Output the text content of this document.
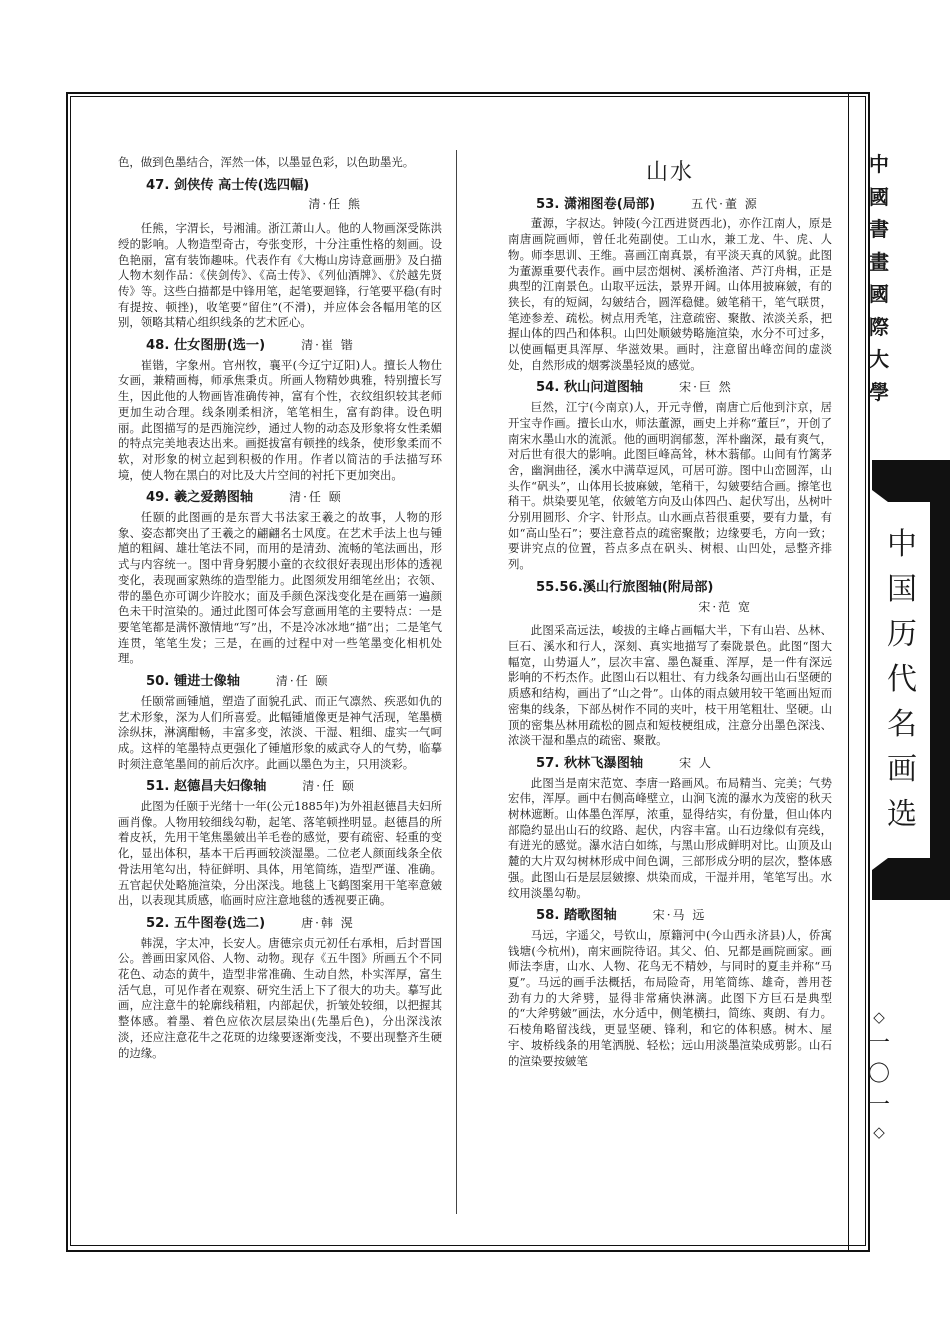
中國書畫國際大學
中国历代名画选
◇
一〇一
◇

色，做到色墨结合，浑然一体，以墨显色彩，以色助墨光。

47. 剑侠传 高士传(选四幅)
清·任 熊

任熊，字渭长，号湘浦。浙江萧山人。他的人物画深受陈洪绶的影响。人物造型奇古，夸张变形，十分注重性格的刻画。设色艳丽，富有装饰趣味。代表作有《大梅山房诗意画册》及白描人物木刻作品：《侠剑传》、《高士传》、《列仙酒牌》、《於越先贤传》等。这些白描都是中锋用笔，起笔要迴锋，行笔要平稳(有时有提按、顿挫)，收笔要“留住”(不滑)，并应体会各幅用笔的区别，领略其精心组织线条的艺术匠心。

48. 仕女图册(选一)	清·崔 锴

崔锴，字象州。官州牧，襄平(今辽宁辽阳)人。擅长人物仕女画，兼精画梅，师承焦秉贞。所画人物精妙典雅，特别擅长写生，因此他的人物画皆准确传神，富有个性，衣纹组织较其老师更加生动合理。线条刚柔相济，笔笔相生，富有韵律。设色明丽。此图描写的是西施浣纱，通过人物的动态及形象将女性柔媚的特点完美地表达出来。画挺拔富有顿挫的线条，使形象柔而不软，对形象的树立起到积极的作用。作者以简洁的手法描写环境，使人物在黑白的对比及大片空间的衬托下更加突出。

49. 羲之爱鹅图轴	清·任 颐

任颐的此图画的是东晋大书法家王羲之的故事，人物的形象、姿态都突出了王羲之的翩翩名士风度。在艺术手法上也与锺馗的粗阔、雄壮笔法不同，而用的是清劲、流畅的笔法画出，形式与内容统一。图中背身躬腰小童的衣纹很好表现出形体的透视变化，表现画家熟练的造型能力。此图须发用细笔丝出；衣领、带的墨色亦可调少许胶水；面及手颜色深浅变化是在画第一遍颜色未干时渲染的。通过此图可体会写意画用笔的主要特点：一是要笔笔都是满怀激情地“写”出，不是冷冰冰地“描”出；二是笔气连贯，笔笔生发；三是，在画的过程中对一些笔墨变化相机处理。

50. 锺进士像轴	清·任 颐

任颐常画锺馗，塑造了面貌孔武、而正气凛然、疾恶如仇的艺术形象，深为人们所喜爱。此幅锺馗像更是神气活现，笔墨横涂纵抹，淋漓酣畅，丰富多变，浓淡、干湿、粗细、虚实一气呵成。这样的笔墨特点更强化了锺馗形象的威武夺人的气势，临摹时须注意笔墨间的前后次序。此画以墨色为主，只用淡彩。

51. 赵德昌夫妇像轴	清·任 颐

此图为任颐于光绪十一年(公元1885年)为外祖赵德昌夫妇所画肖像。人物用较细线勾勒，起笔、落笔顿挫明显。赵德昌的所着皮袄，先用干笔焦墨皴出羊毛卷的感觉，要有疏密、轻重的变化，显出体积，基本干后再画较淡湿墨。二位老人颜面线条全依骨法用笔勾出，特征鲜明、具体，用笔简练，造型严谨、准确。五官起伏处略施渲染，分出深浅。地毯上飞鹤图案用干笔率意皴出，以表现其质感，临画时应注意地毯的透视要正确。

52. 五牛图卷(选二)	唐·韩 滉

韩滉，字太冲，长安人。唐德宗贞元初任右承相，后封晋国公。善画田家风俗、人物、动物。现存《五牛图》所画五个不同花色、动态的黄牛，造型非常准确、生动自然，朴实浑厚，富生活气息，可见作者在观察、研究生活上下了很大的功夫。摹写此画，应注意牛的轮廓线稍粗，内部起伏，折皱处较细，以把握其整体感。着墨、着色应依次层层染出(先墨后色)，分出深浅浓淡，还应注意花牛之花斑的边缘要逐渐变浅，不要出现整齐生硬的边缘。

山水
53. 潇湘图卷(局部)	五代·董 源

董源，字叔达。钟陵(今江西进贤西北)，亦作江南人，原是南唐画院画师，曾任北苑副使。工山水，兼工龙、牛、虎、人物。师李思训、王维。喜画江南真景，有平淡天真的风貌。此图为董源重要代表作。画中层峦烟树、溪桥渔渚、芦汀舟楫，正是典型的江南景色。山取平远法，景界开阔。山体用披麻皴，有的狭长，有的短阔，勾皴结合，圆浑稳健。皴笔稍干，笔气联贯，笔迹参差、疏松。树点用秃笔，注意疏密、聚散、浓淡关系，把握山体的四凸和体积。山凹处顺皴势略施渲染，水分不可过多，以使画幅更具浑厚、华滋效果。画时，注意留出峰峦间的虚淡处，自然形成的烟雾淡墨轻岚的感觉。

54. 秋山问道图轴	宋·巨 然

巨然，江宁(今南京)人，开元寺僧，南唐亡后他到汴京，居开宝寺作画。擅长山水，师法董源，画史上并称“董巨”，开创了南宋水墨山水的流派。他的画明润郁葱，浑朴幽深，最有爽气，对后世有很大的影响。此图巨峰高耸，林木蓊郁。山间有竹篱茅舍，幽涧曲径，溪水中满草逗风，可居可游。图中山峦圆浑，山头作“矾头”，山体用长披麻皴，笔稍干，勾皴要结合画。擦笔也稍干。烘染要见笔，依皴笔方向及山体四凸、起伏写出，丛树叶分别用圆形、介字、针形点。山水画点苔很重要，要有力量，有如“高山坠石”；要注意苔点的疏密聚散；边缘要毛，方向一致；要讲究点的位置，苔点多点在矾头、树根、山凹处，忌整齐排列。

55.56.溪山行旅图轴(附局部)
宋·范 宽

此图采高远法，峻拔的主峰占画幅大半，下有山岩、丛林、巨石、溪水和行人，深刻、真实地描写了秦陇景色。此图“图大幅宽，山势逼人”，层次丰富、墨色凝重、浑厚，是一件有深远影响的不朽杰作。此图山石以粗壮、有力线条勾画出山石坚硬的质感和结构，画出了“山之骨”。山体的雨点皴用较干笔画出短而密集的线条，下部丛树作不同的夹叶，枝干用笔粗壮、坚硬。山顶的密集丛林用疏松的圆点和短枝梗组成，注意分出墨色深浅、浓淡干湿和墨点的疏密、聚散。

57. 秋林飞瀑图轴	宋 人

此图当是南宋范宽、李唐一路画风。布局精当、完美；气势宏伟，浑厚。画中右侧高峰壁立，山涧飞流的瀑水为茂密的秋天树林遮断。山体墨色浑厚，浓重，显得结实，有份量，但山体内部隐约显出山石的纹路、起伏，内容丰富。山石边缘似有亮线，有迸光的感觉。瀑水洁白如练，与黑山形成鲜明对比。山顶及山麓的大片双勾树林形成中间色调，三部形成分明的层次，整体感强。此图山石是层层皴擦、烘染而成，干湿并用，笔笔写出。水纹用淡墨勾勒。

58. 踏歌图轴	宋·马 远

马远，字遥父，号钦山，原籍河中(今山西永济县)人，侨寓钱塘(今杭州)，南宋画院待诏。其父、伯、兄都是画院画家。画师法李唐，山水、人物、花鸟无不精妙，与同时的夏圭并称“马夏”。马远的画手法概括，布局险奇，用笔简练、雄奇，善用苍劲有力的大斧劈，显得非常痛快淋漓。此图下方巨石是典型的“大斧劈皴”画法，水分适中，侧笔横扫，简练、爽朗、有力。石棱角略留浅线，更显坚硬、锋利，和它的体积感。树木、屋宇、坡桥线条的用笔洒脱、轻松；远山用淡墨渲染成剪影。山石的渲染要按皴笔
